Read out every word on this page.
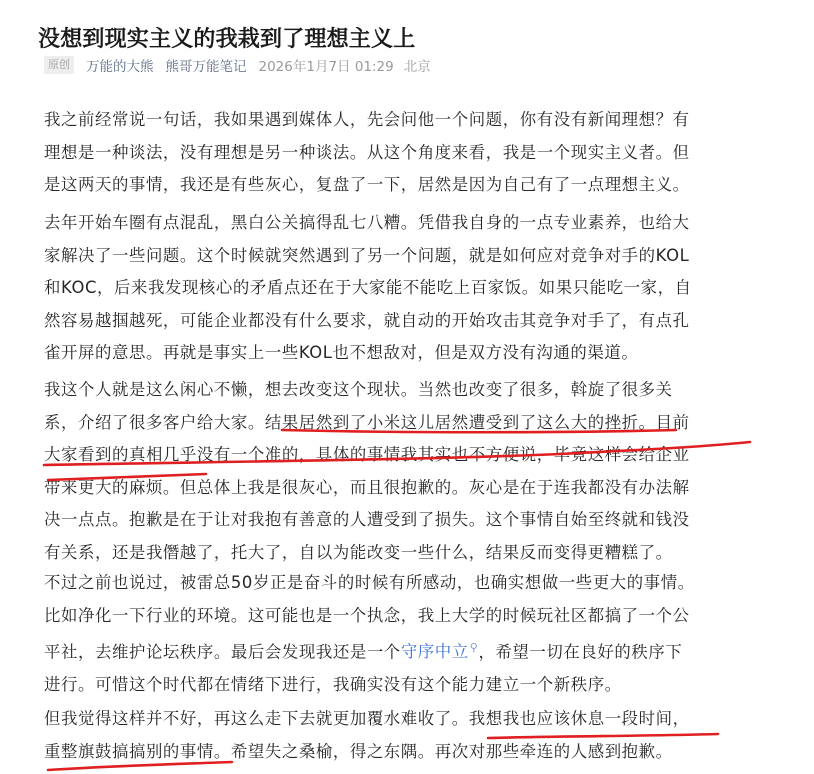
没想到现实主义的我栽到了理想主义上
原创 万能的大熊 熊哥万能笔记 2026年1月7日 01:29 北京

我之前经常说一句话，我如果遇到媒体人，先会问他一个问题，你有没有新闻理想？有

理想是一种谈法，没有理想是另一种谈法。从这个角度来看，我是一个现实主义者。但

是这两天的事情，我还是有些灰心，复盘了一下，居然是因为自己有了一点理想主义。

去年开始车圈有点混乱，黑白公关搞得乱七八糟。凭借我自身的一点专业素养，也给大

家解决了一些问题。这个时候就突然遇到了另一个问题，就是如何应对竞争对手的KOL

和KOC，后来我发现核心的矛盾点还在于大家能不能吃上百家饭。如果只能吃一家，自

然容易越掴越死，可能企业都没有什么要求，就自动的开始攻击其竞争对手了，有点孔

雀开屏的意思。再就是事实上一些KOL也不想敌对，但是双方没有沟通的渠道。

我这个人就是这么闲心不懒，想去改变这个现状。当然也改变了很多，斡旋了很多关

系，介绍了很多客户给大家。结果居然到了小米这儿居然遭受到了这么大的挫折。目前

大家看到的真相几乎没有一个准的，具体的事情我其实也不方便说，毕竟这样会给企业

带来更大的麻烦。但总体上我是很灰心，而且很抱歉的。灰心是在于连我都没有办法解

决一点点。抱歉是在于让对我抱有善意的人遭受到了损失。这个事情自始至终就和钱没

有关系，还是我僭越了，托大了，自以为能改变一些什么，结果反而变得更糟糕了。

不过之前也说过，被雷总50岁正是奋斗的时候有所感动，也确实想做一些更大的事情。

比如净化一下行业的环境。这可能也是一个执念，我上大学的时候玩社区都搞了一个公

平社，去维护论坛秩序。最后会发现我还是一个守序中立⚲，希望一切在良好的秩序下

进行。可惜这个时代都在情绪下进行，我确实没有这个能力建立一个新秩序。

但我觉得这样并不好，再这么走下去就更加覆水难收了。我想我也应该休息一段时间，

重整旗鼓搞搞别的事情。希望失之桑榆，得之东隅。再次对那些牵连的人感到抱歉。
